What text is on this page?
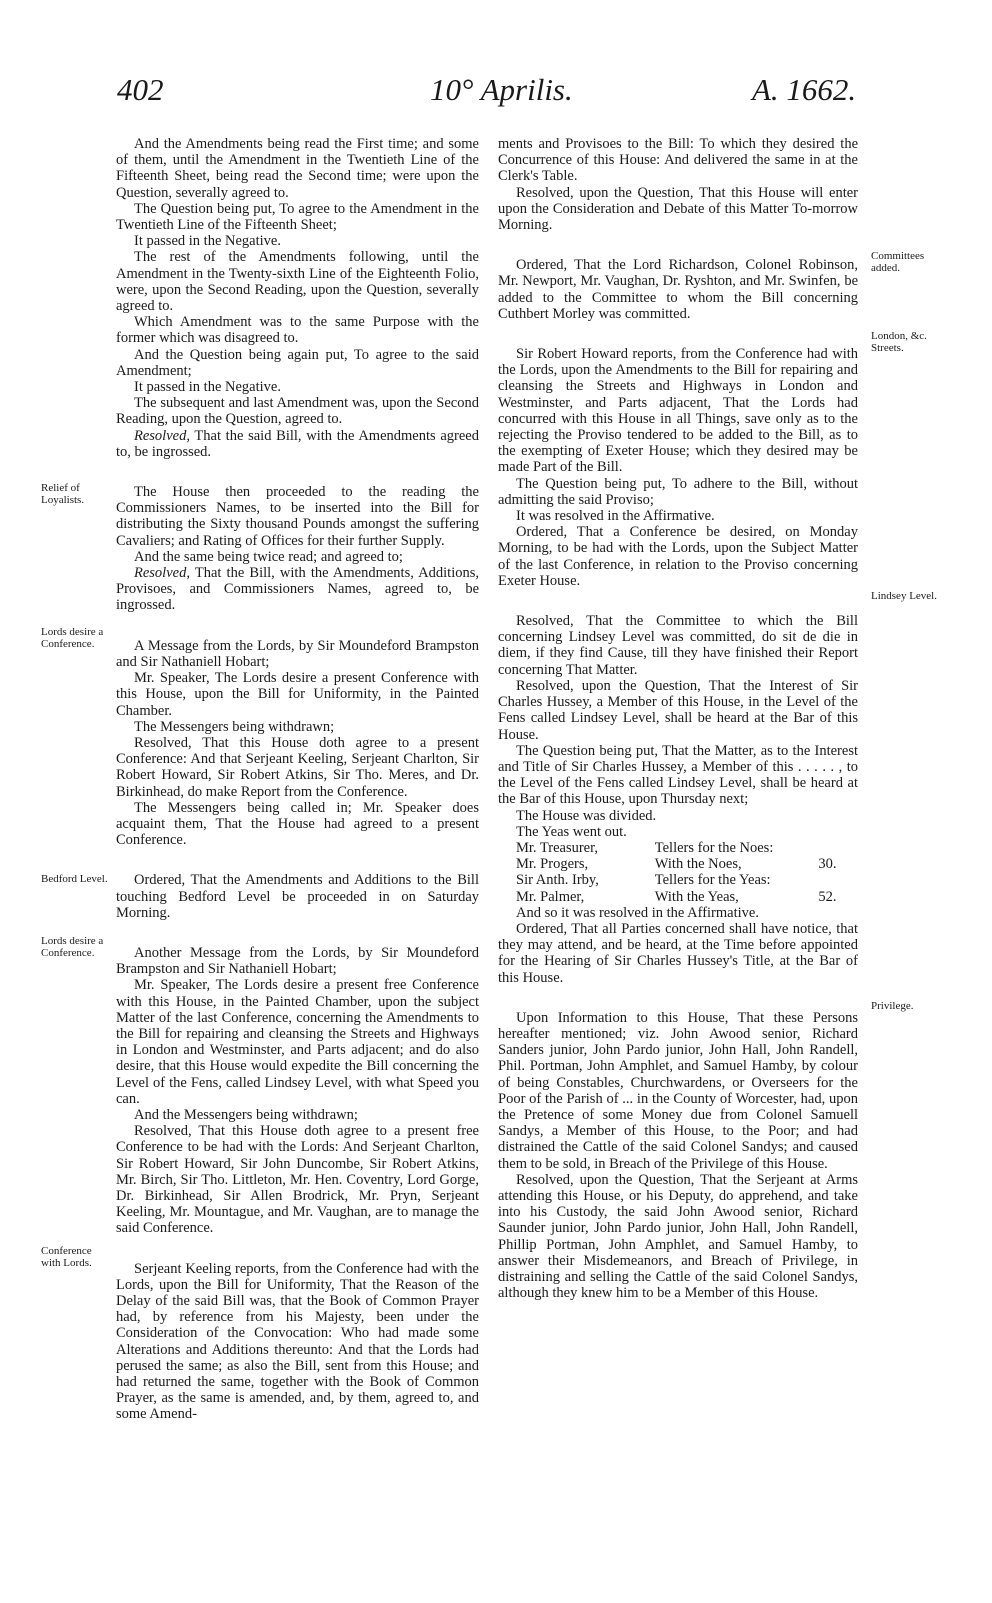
402	10° Aprilis.	A. 1662.
Relief of Loyalists.
Lords desire a Conference.
Bedford Level.
Lords desire a Conference.
Conference with Lords.
Committees added.
London, &c. Streets.
Lindsey Level.
Privilege.

And the Amendments being read the First time; and some of them, until the Amendment in the Twentieth Line of the Fifteenth Sheet, being read the Second time; were upon the Question, severally agreed to.

The Question being put, To agree to the Amendment in the Twentieth Line of the Fifteenth Sheet;

It passed in the Negative.

The rest of the Amendments following, until the Amendment in the Twenty-sixth Line of the Eighteenth Folio, were, upon the Second Reading, upon the Question, severally agreed to.

Which Amendment was to the same Purpose with the former which was disagreed to.

And the Question being again put, To agree to the said Amendment;

It passed in the Negative.

The subsequent and last Amendment was, upon the Second Reading, upon the Question, agreed to.

Resolved, That the said Bill, with the Amendments agreed to, be ingrossed.

The House then proceeded to the reading the Commissioners Names, to be inserted into the Bill for distributing the Sixty thousand Pounds amongst the suffering Cavaliers; and Rating of Offices for their further Supply.

And the same being twice read; and agreed to;

Resolved, That the Bill, with the Amendments, Additions, Provisoes, and Commissioners Names, agreed to, be ingrossed.

A Message from the Lords, by Sir Moundeford Brampston and Sir Nathaniell Hobart;

Mr. Speaker, The Lords desire a present Conference with this House, upon the Bill for Uniformity, in the Painted Chamber.

The Messengers being withdrawn;

Resolved, That this House doth agree to a present Conference: And that Serjeant Keeling, Serjeant Charlton, Sir Robert Howard, Sir Robert Atkins, Sir Tho. Meres, and Dr. Birkinhead, do make Report from the Conference.

The Messengers being called in; Mr. Speaker does acquaint them, That the House had agreed to a present Conference.

Ordered, That the Amendments and Additions to the Bill touching Bedford Level be proceeded in on Saturday Morning.

Another Message from the Lords, by Sir Moundeford Brampston and Sir Nathaniell Hobart;

Mr. Speaker, The Lords desire a present free Conference with this House, in the Painted Chamber, upon the subject Matter of the last Conference, concerning the Amendments to the Bill for repairing and cleansing the Streets and Highways in London and Westminster, and Parts adjacent; and do also desire, that this House would expedite the Bill concerning the Level of the Fens, called Lindsey Level, with what Speed you can.

And the Messengers being withdrawn;

Resolved, That this House doth agree to a present free Conference to be had with the Lords: And Serjeant Charlton, Sir Robert Howard, Sir John Duncombe, Sir Robert Atkins, Mr. Birch, Sir Tho. Littleton, Mr. Hen. Coventry, Lord Gorge, Dr. Birkinhead, Sir Allen Brodrick, Mr. Pryn, Serjeant Keeling, Mr. Mountague, and Mr. Vaughan, are to manage the said Conference.

Serjeant Keeling reports, from the Conference had with the Lords, upon the Bill for Uniformity, That the Reason of the Delay of the said Bill was, that the Book of Common Prayer had, by reference from his Majesty, been under the Consideration of the Convocation: Who had made some Alterations and Additions thereunto: And that the Lords had perused the same; as also the Bill, sent from this House; and had returned the same, together with the Book of Common Prayer, as the same is amended, and, by them, agreed to, and some Amend-

ments and Provisoes to the Bill: To which they desired the Concurrence of this House: And delivered the same in at the Clerk's Table.

Resolved, upon the Question, That this House will enter upon the Consideration and Debate of this Matter To-morrow Morning.

Ordered, That the Lord Richardson, Colonel Robinson, Mr. Newport, Mr. Vaughan, Dr. Ryshton, and Mr. Swinfen, be added to the Committee to whom the Bill concerning Cuthbert Morley was committed.

Sir Robert Howard reports, from the Conference had with the Lords, upon the Amendments to the Bill for repairing and cleansing the Streets and Highways in London and Westminster, and Parts adjacent, That the Lords had concurred with this House in all Things, save only as to the rejecting the Proviso tendered to be added to the Bill, as to the exempting of Exeter House; which they desired may be made Part of the Bill.

The Question being put, To adhere to the Bill, without admitting the said Proviso;

It was resolved in the Affirmative.

Ordered, That a Conference be desired, on Monday Morning, to be had with the Lords, upon the Subject Matter of the last Conference, in relation to the Proviso concerning Exeter House.

Resolved, That the Committee to which the Bill concerning Lindsey Level was committed, do sit de die in diem, if they find Cause, till they have finished their Report concerning That Matter.

Resolved, upon the Question, That the Interest of Sir Charles Hussey, a Member of this House, in the Level of the Fens called Lindsey Level, shall be heard at the Bar of this House.

The Question being put, That the Matter, as to the Interest and Title of Sir Charles Hussey, a Member of this . . . . . , to the Level of the Fens called Lindsey Level, shall be heard at the Bar of this House, upon Thursday next;

The House was divided.

The Yeas went out.

Mr. Treasurer,	Tellers for the Noes:
Mr. Progers,	With the Noes,	30.
Sir Anth. Irby,	Tellers for the Yeas:
Mr. Palmer,	With the Yeas,	52.

And so it was resolved in the Affirmative.

Ordered, That all Parties concerned shall have notice, that they may attend, and be heard, at the Time before appointed for the Hearing of Sir Charles Hussey's Title, at the Bar of this House.

Upon Information to this House, That these Persons hereafter mentioned; viz. John Awood senior, Richard Sanders junior, John Pardo junior, John Hall, John Randell, Phil. Portman, John Amphlet, and Samuel Hamby, by colour of being Constables, Churchwardens, or Overseers for the Poor of the Parish of ... in the County of Worcester, had, upon the Pretence of some Money due from Colonel Samuell Sandys, a Member of this House, to the Poor; and had distrained the Cattle of the said Colonel Sandys; and caused them to be sold, in Breach of the Privilege of this House.

Resolved, upon the Question, That the Serjeant at Arms attending this House, or his Deputy, do apprehend, and take into his Custody, the said John Awood senior, Richard Saunder junior, John Pardo junior, John Hall, John Randell, Phillip Portman, John Amphlet, and Samuel Hamby, to answer their Misdemeanors, and Breach of Privilege, in distraining and selling the Cattle of the said Colonel Sandys, although they knew him to be a Member of this House.
